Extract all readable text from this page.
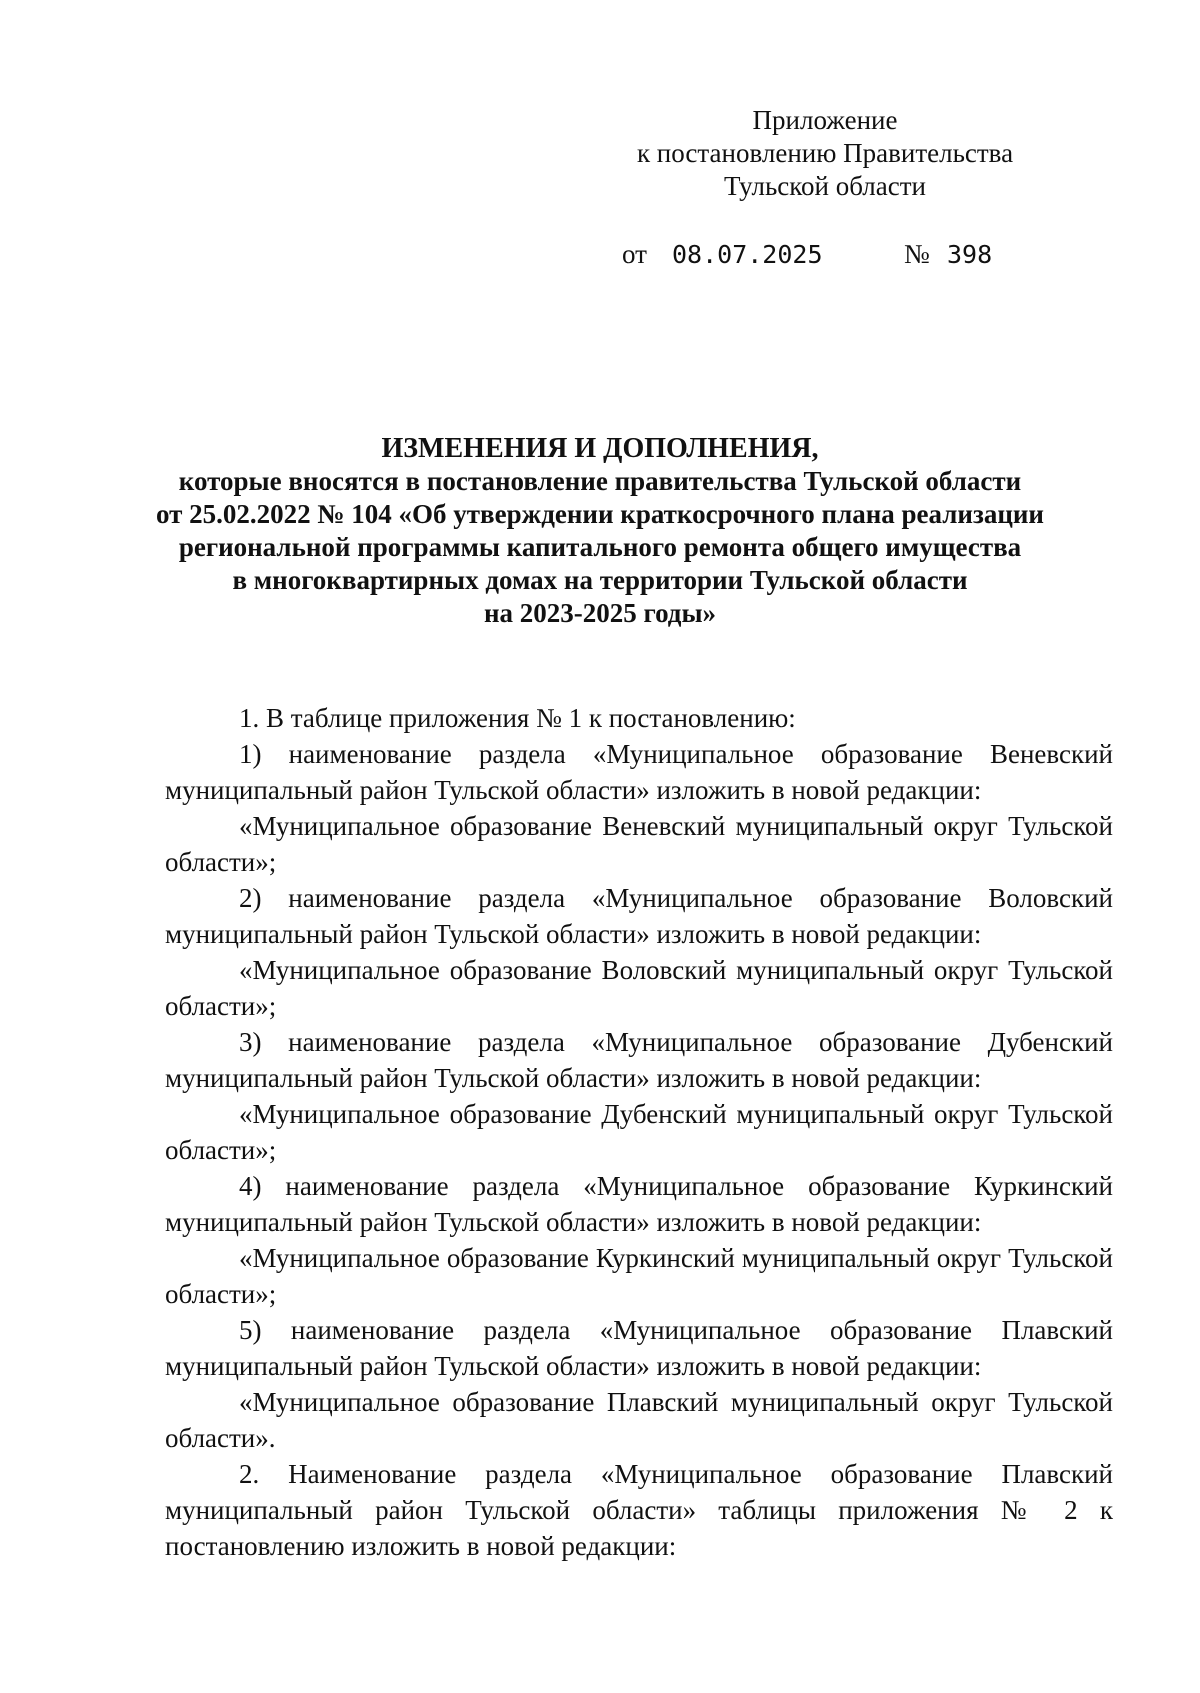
Приложение
к постановлению Правительства
Тульской области
от 08.07.2025	№ 398
ИЗМЕНЕНИЯ И ДОПОЛНЕНИЯ,
которые вносятся в постановление правительства Тульской области
от 25.02.2022 № 104 «Об утверждении краткосрочного плана реализации
региональной программы капитального ремонта общего имущества
в многоквартирных домах на территории Тульской области
на 2023-2025 годы»

1. В таблице приложения № 1 к постановлению:

1) наименование раздела «Муниципальное образование Веневский муниципальный район Тульской области» изложить в новой редакции:

«Муниципальное образование Веневский муниципальный округ Тульской области»;

2) наименование раздела «Муниципальное образование Воловский муниципальный район Тульской области» изложить в новой редакции:

«Муниципальное образование Воловский муниципальный округ Тульской области»;

3) наименование раздела «Муниципальное образование Дубенский муниципальный район Тульской области» изложить в новой редакции:

«Муниципальное образование Дубенский муниципальный округ Тульской области»;

4) наименование раздела «Муниципальное образование Куркинский муниципальный район Тульской области» изложить в новой редакции:

«Муниципальное образование Куркинский муниципальный округ Тульской области»;

5) наименование раздела «Муниципальное образование Плавский муниципальный район Тульской области» изложить в новой редакции:

«Муниципальное образование Плавский муниципальный округ Тульской области».

2. Наименование раздела «Муниципальное образование Плавский муниципальный район Тульской области» таблицы приложения № 2 к постановлению изложить в новой редакции:
